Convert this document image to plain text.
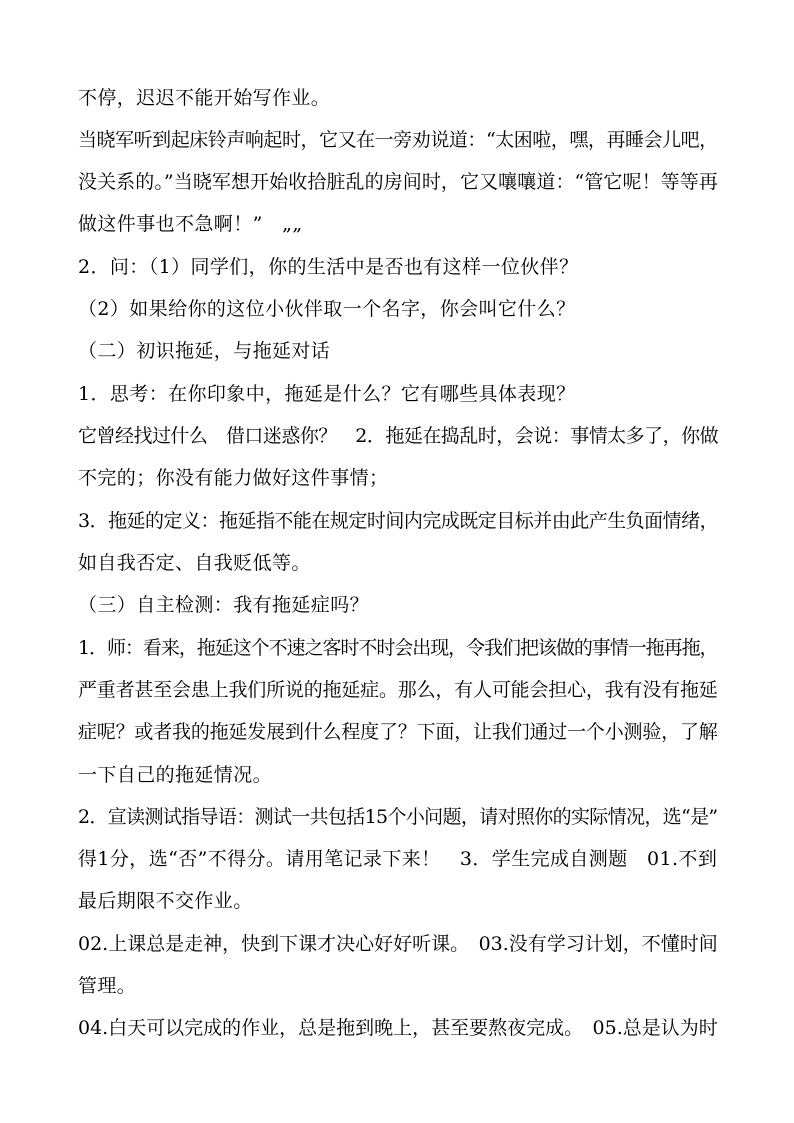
不停，迟迟不能开始写作业。

当晓军听到起床铃声响起时，它又在一旁劝说道：“太困啦，嘿，再睡会儿吧，

没关系的。”当晓军想开始收拾脏乱的房间时，它又嚷嚷道：“管它呢！等等再

做这件事也不急啊！”　„„

2．问：（1）同学们，你的生活中是否也有这样一位伙伴？

（2）如果给你的这位小伙伴取一个名字，你会叫它什么？

（二）初识拖延，与拖延对话

1．思考：在你印象中，拖延是什么？它有哪些具体表现？

它曾经找过什么　借口迷惑你？　2．拖延在捣乱时，会说：事情太多了，你做

不完的；你没有能力做好这件事情；

3．拖延的定义：拖延指不能在规定时间内完成既定目标并由此产生负面情绪，

如自我否定、自我贬低等。

（三）自主检测：我有拖延症吗？

1．师：看来，拖延这个不速之客时不时会出现，令我们把该做的事情一拖再拖，

严重者甚至会患上我们所说的拖延症。那么，有人可能会担心，我有没有拖延

症呢？或者我的拖延发展到什么程度了？下面，让我们通过一个小测验，了解

一下自己的拖延情况。

2．宣读测试指导语：测试一共包括15个小问题，请对照你的实际情况，选“是”

得1分，选“否”不得分。请用笔记录下来！　3．学生完成自测题　01.不到

最后期限不交作业。

02.上课总是走神，快到下课才决心好好听课。　03.没有学习计划，不懂时间

管理。

04.白天可以完成的作业，总是拖到晚上，甚至要熬夜完成。　05.总是认为时
